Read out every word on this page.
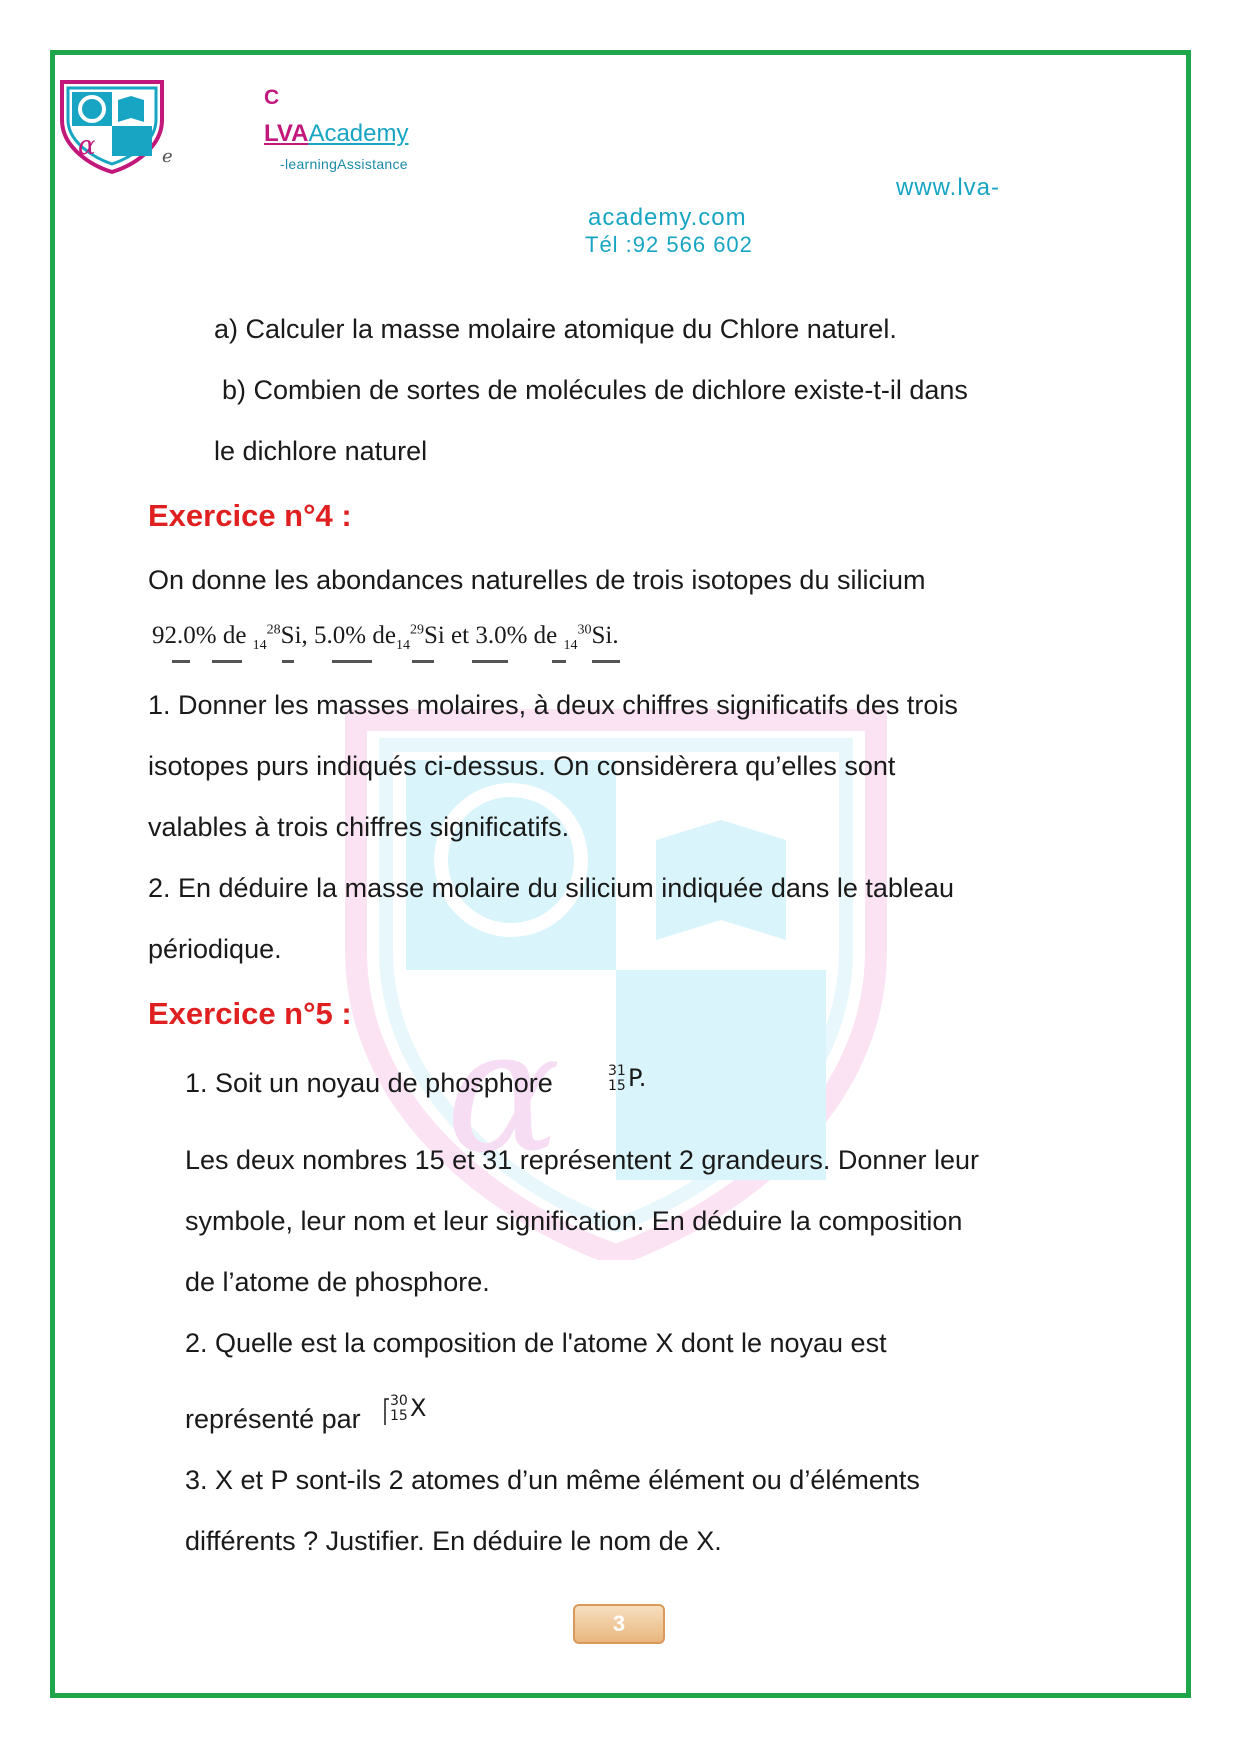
α
α	e
C
LVAAcademy
-learningAssistance
www.lva-
academy.com
Tél :92 566 602
a) Calculer la masse molaire atomique du Chlore naturel.
b) Combien de sortes de molécules de dichlore existe-t-il dans
le dichlore naturel
Exercice n°4 :
On donne les abondances naturelles de trois isotopes du silicium
92.0% de $_{14}^{28}$Si, 5.0% $de_{14}^{29}Si$ et 3.0% de $_{14}^{30}$Si.
1. Donner les masses molaires, à deux chiffres significatifs des trois
isotopes purs indiqués ci-dessus. On considèrera qu’elles sont
valables à trois chiffres significatifs.
2. En déduire la masse molaire du silicium indiquée dans le tableau
périodique.
Exercice n°5 :
1. Soit un noyau de phosphore	31
15 P.
Les deux nombres 15 et 31 représentent 2 grandeurs. Donner leur
symbole, leur nom et leur signification. En déduire la composition
de l’atome de phosphore.
2. Quelle est la composition de l'atome X dont le noyau est
représenté par
30
15 X
3. X et P sont-ils 2 atomes d’un même élément ou d’éléments
différents ? Justifier. En déduire le nom de X.
3
